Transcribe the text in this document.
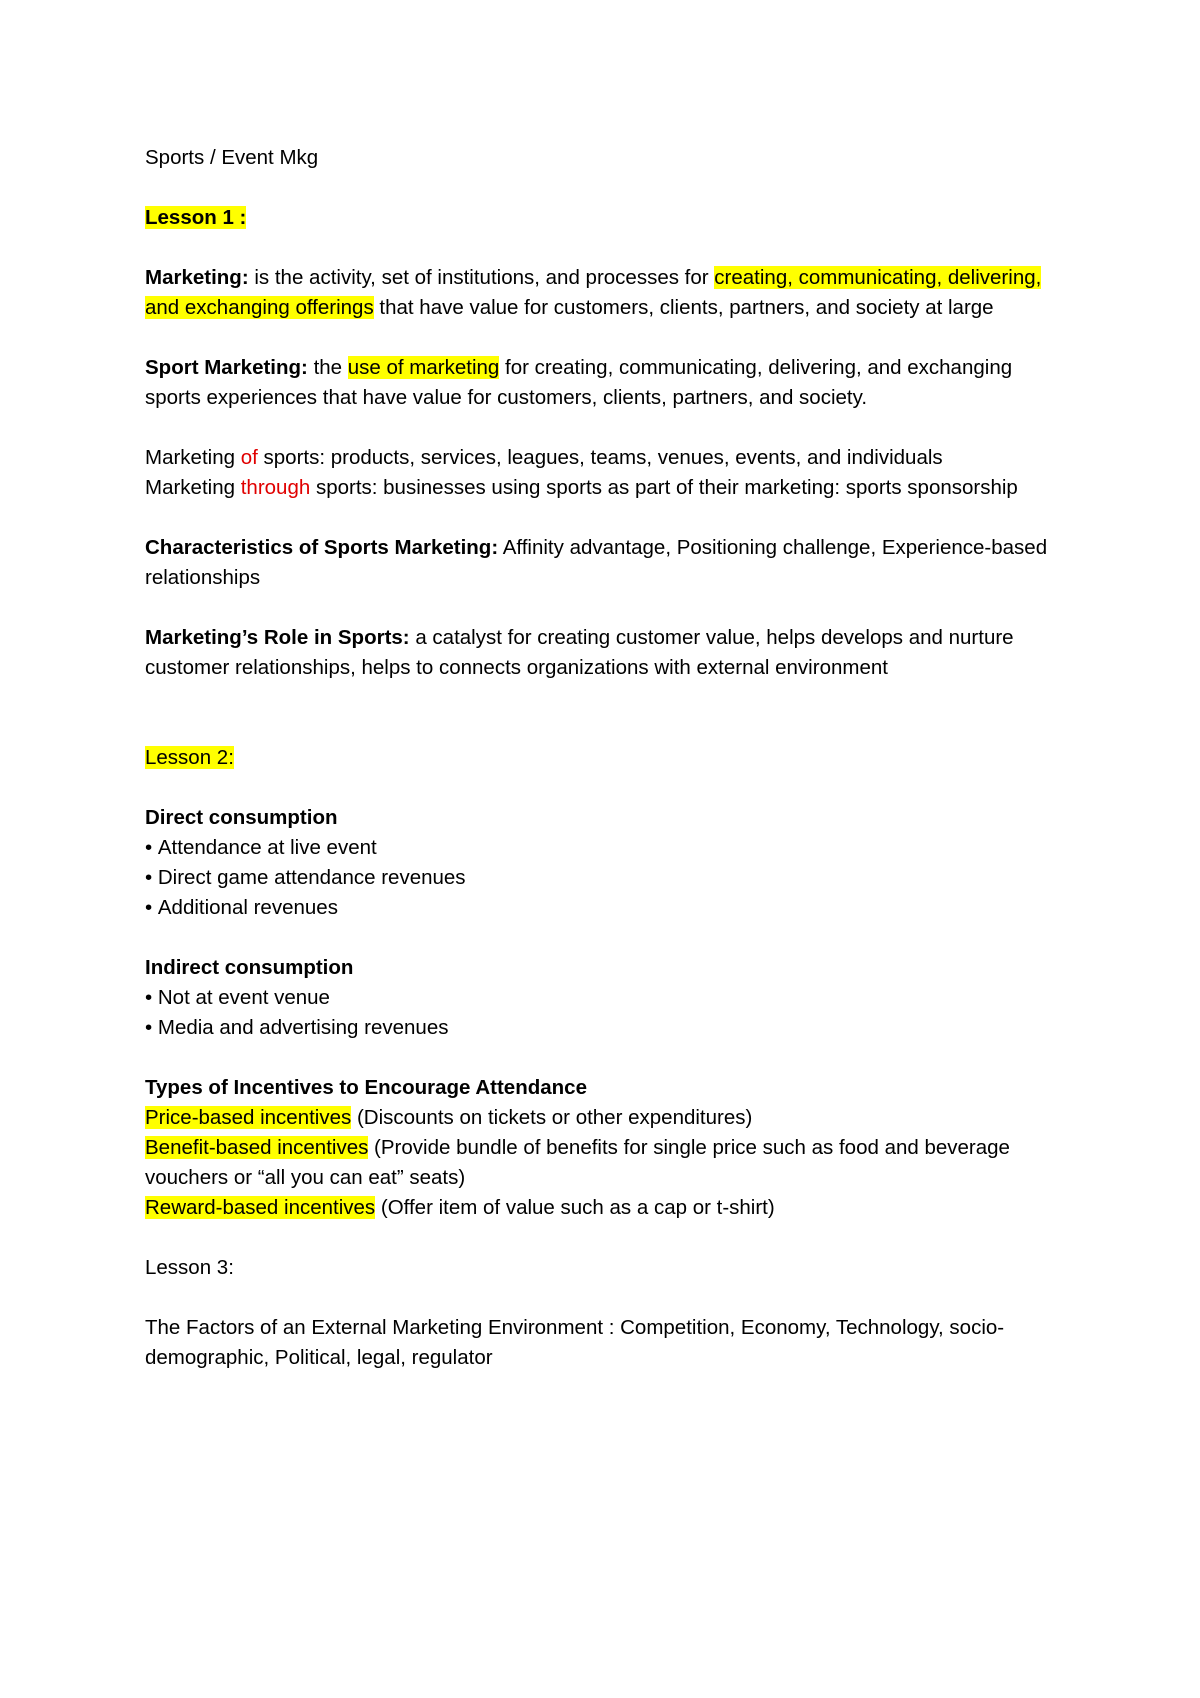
Sports / Event Mkg

Lesson 1 :

Marketing: is the activity, set of institutions, and processes for creating, communicating, delivering, and exchanging offerings that have value for customers, clients, partners, and society at large

Sport Marketing: the use of marketing for creating, communicating, delivering, and exchanging sports experiences that have value for customers, clients, partners, and society.

Marketing of sports: products, services, leagues, teams, venues, events, and individuals

Marketing through sports: businesses using sports as part of their marketing: sports sponsorship

Characteristics of Sports Marketing: Affinity advantage, Positioning challenge, Experience-based relationships

Marketing’s Role in Sports: a catalyst for creating customer value, helps develops and nurture customer relationships, helps to connects organizations with external environment

Lesson 2:

Direct consumption

• Attendance at live event

• Direct game attendance revenues

• Additional revenues

Indirect consumption

• Not at event venue

• Media and advertising revenues

Types of Incentives to Encourage Attendance

Price-based incentives (Discounts on tickets or other expenditures)

Benefit-based incentives (Provide bundle of benefits for single price such as food and beverage vouchers or “all you can eat” seats)

Reward-based incentives (Offer item of value such as a cap or t-shirt)

Lesson 3:

The Factors of an External Marketing Environment : Competition, Economy, Technology, socio-demographic, Political, legal, regulator
